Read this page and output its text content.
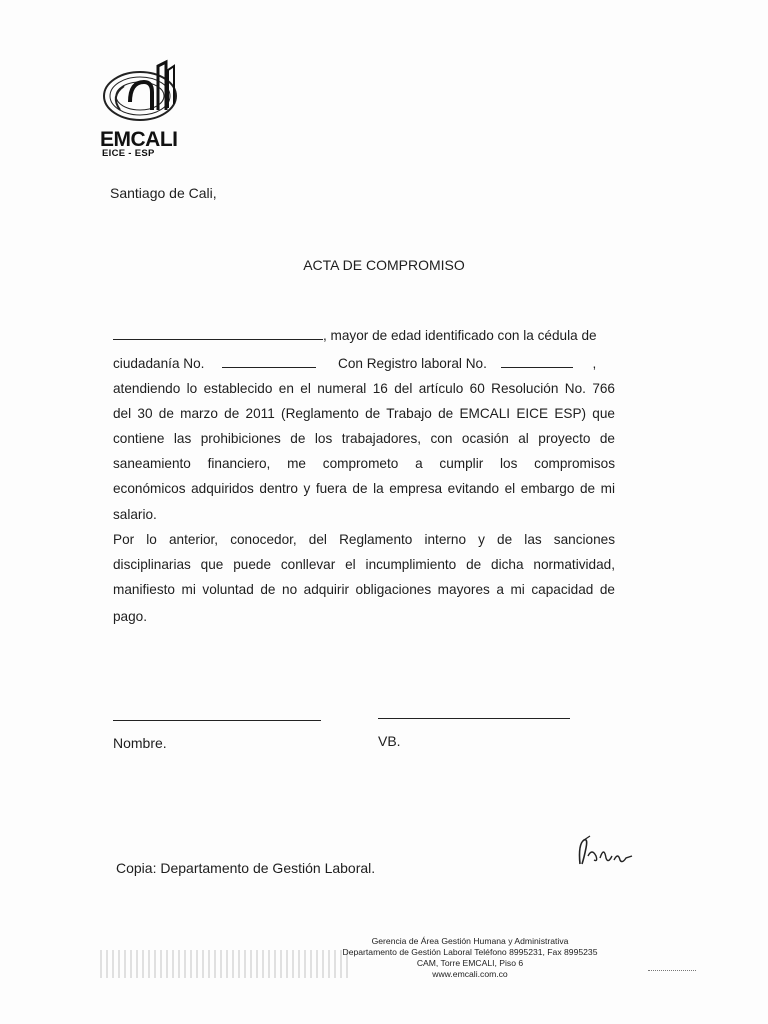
EMCALI
EICE - ESP
Santiago de Cali,
ACTA DE COMPROMISO
, mayor de edad identificado con la cédula de
ciudadanía No.	Con Registro laboral No.	,
atendiendo lo establecido en el numeral 16 del artículo 60 Resolución No. 766
del 30 de marzo de 2011 (Reglamento de Trabajo de EMCALI EICE ESP) que
contiene las prohibiciones de los trabajadores, con ocasión al proyecto de
saneamiento financiero, me comprometo a cumplir los compromisos
económicos adquiridos dentro y fuera de la empresa evitando el embargo de mi
salario.
Por lo anterior, conocedor, del Reglamento interno y de las sanciones
disciplinarias que puede conllevar el incumplimiento de dicha normatividad,
manifiesto mi voluntad de no adquirir obligaciones mayores a mi capacidad de
pago.
Nombre.	VB.
Copia: Departamento de Gestión Laboral.
Gerencia de Área Gestión Humana y Administrativa
Departamento de Gestión Laboral Teléfono 8995231, Fax 8995235
CAM, Torre EMCALI, Piso 6
www.emcali.com.co
